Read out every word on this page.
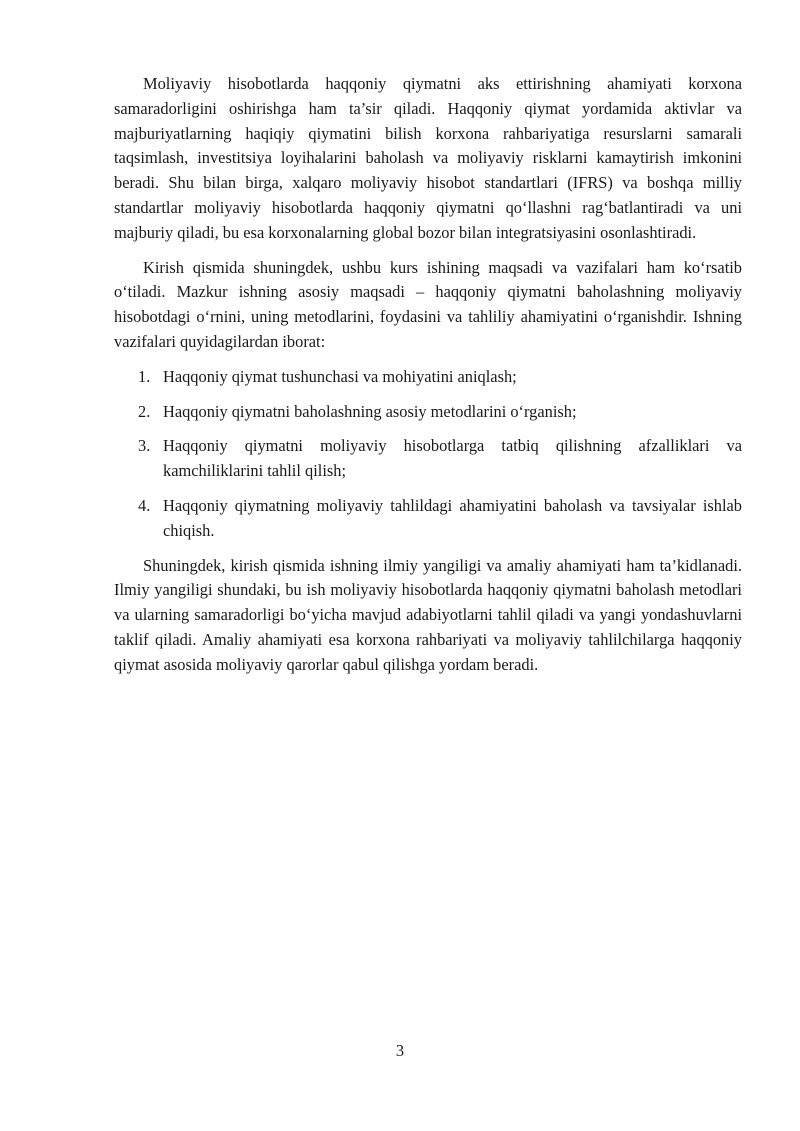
Moliyaviy hisobotlarda haqqoniy qiymatni aks ettirishning ahamiyati korxona samaradorligini oshirishga ham ta’sir qiladi. Haqqoniy qiymat yordamida aktivlar va majburiyatlarning haqiqiy qiymatini bilish korxona rahbariyatiga resurslarni samarali taqsimlash, investitsiya loyihalarini baholash va moliyaviy risklarni kamaytirish imkonini beradi. Shu bilan birga, xalqaro moliyaviy hisobot standartlari (IFRS) va boshqa milliy standartlar moliyaviy hisobotlarda haqqoniy qiymatni qo‘llashni rag‘batlantiradi va uni majburiy qiladi, bu esa korxonalarning global bozor bilan integratsiyasini osonlashtiradi.

Kirish qismida shuningdek, ushbu kurs ishining maqsadi va vazifalari ham ko‘rsatib o‘tiladi. Mazkur ishning asosiy maqsadi – haqqoniy qiymatni baholashning moliyaviy hisobotdagi o‘rnini, uning metodlarini, foydasini va tahliliy ahamiyatini o‘rganishdir. Ishning vazifalari quyidagilardan iborat:

1. Haqqoniy qiymat tushunchasi va mohiyatini aniqlash;
2. Haqqoniy qiymatni baholashning asosiy metodlarini o‘rganish;
3. Haqqoniy qiymatni moliyaviy hisobotlarga tatbiq qilishning afzalliklari va kamchiliklarini tahlil qilish;
4. Haqqoniy qiymatning moliyaviy tahlildagi ahamiyatini baholash va tavsiyalar ishlab chiqish.

Shuningdek, kirish qismida ishning ilmiy yangiligi va amaliy ahamiyati ham ta’kidlanadi. Ilmiy yangiligi shundaki, bu ish moliyaviy hisobotlarda haqqoniy qiymatni baholash metodlari va ularning samaradorligi bo‘yicha mavjud adabiyotlarni tahlil qiladi va yangi yondashuvlarni taklif qiladi. Amaliy ahamiyati esa korxona rahbariyati va moliyaviy tahlilchilarga haqqoniy qiymat asosida moliyaviy qarorlar qabul qilishga yordam beradi.

3
